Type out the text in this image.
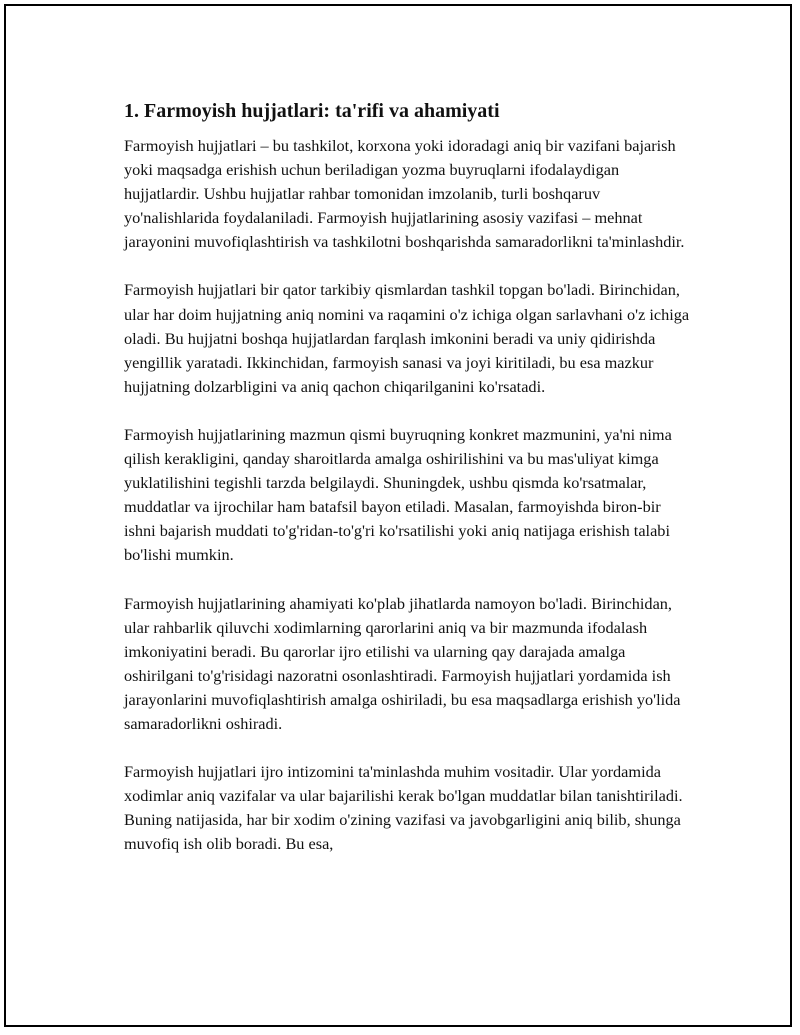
1. Farmoyish hujjatlari: ta'rifi va ahamiyati

Farmoyish hujjatlari – bu tashkilot, korxona yoki idoradagi aniq bir vazifani bajarish yoki maqsadga erishish uchun beriladigan yozma buyruqlarni ifodalaydigan hujjatlardir. Ushbu hujjatlar rahbar tomonidan imzolanib, turli boshqaruv yo'nalishlarida foydalaniladi. Farmoyish hujjatlarining asosiy vazifasi – mehnat jarayonini muvofiqlashtirish va tashkilotni boshqarishda samaradorlikni ta'minlashdir.

Farmoyish hujjatlari bir qator tarkibiy qismlardan tashkil topgan bo'ladi. Birinchidan, ular har doim hujjatning aniq nomini va raqamini o'z ichiga olgan sarlavhani o'z ichiga oladi. Bu hujjatni boshqa hujjatlardan farqlash imkonini beradi va uniy qidirishda yengillik yaratadi. Ikkinchidan, farmoyish sanasi va joyi kiritiladi, bu esa mazkur hujjatning dolzarbligini va aniq qachon chiqarilganini ko'rsatadi.

Farmoyish hujjatlarining mazmun qismi buyruqning konkret mazmunini, ya'ni nima qilish kerakligini, qanday sharoitlarda amalga oshirilishini va bu mas'uliyat kimga yuklatilishini tegishli tarzda belgilaydi. Shuningdek, ushbu qismda ko'rsatmalar, muddatlar va ijrochilar ham batafsil bayon etiladi. Masalan, farmoyishda biron-bir ishni bajarish muddati to'g'ridan-to'g'ri ko'rsatilishi yoki aniq natijaga erishish talabi bo'lishi mumkin.

Farmoyish hujjatlarining ahamiyati ko'plab jihatlarda namoyon bo'ladi. Birinchidan, ular rahbarlik qiluvchi xodimlarning qarorlarini aniq va bir mazmunda ifodalash imkoniyatini beradi. Bu qarorlar ijro etilishi va ularning qay darajada amalga oshirilgani to'g'risidagi nazoratni osonlashtiradi. Farmoyish hujjatlari yordamida ish jarayonlarini muvofiqlashtirish amalga oshiriladi, bu esa maqsadlarga erishish yo'lida samaradorlikni oshiradi.

Farmoyish hujjatlari ijro intizomini ta'minlashda muhim vositadir. Ular yordamida xodimlar aniq vazifalar va ular bajarilishi kerak bo'lgan muddatlar bilan tanishtiriladi. Buning natijasida, har bir xodim o'zining vazifasi va javobgarligini aniq bilib, shunga muvofiq ish olib boradi. Bu esa,
